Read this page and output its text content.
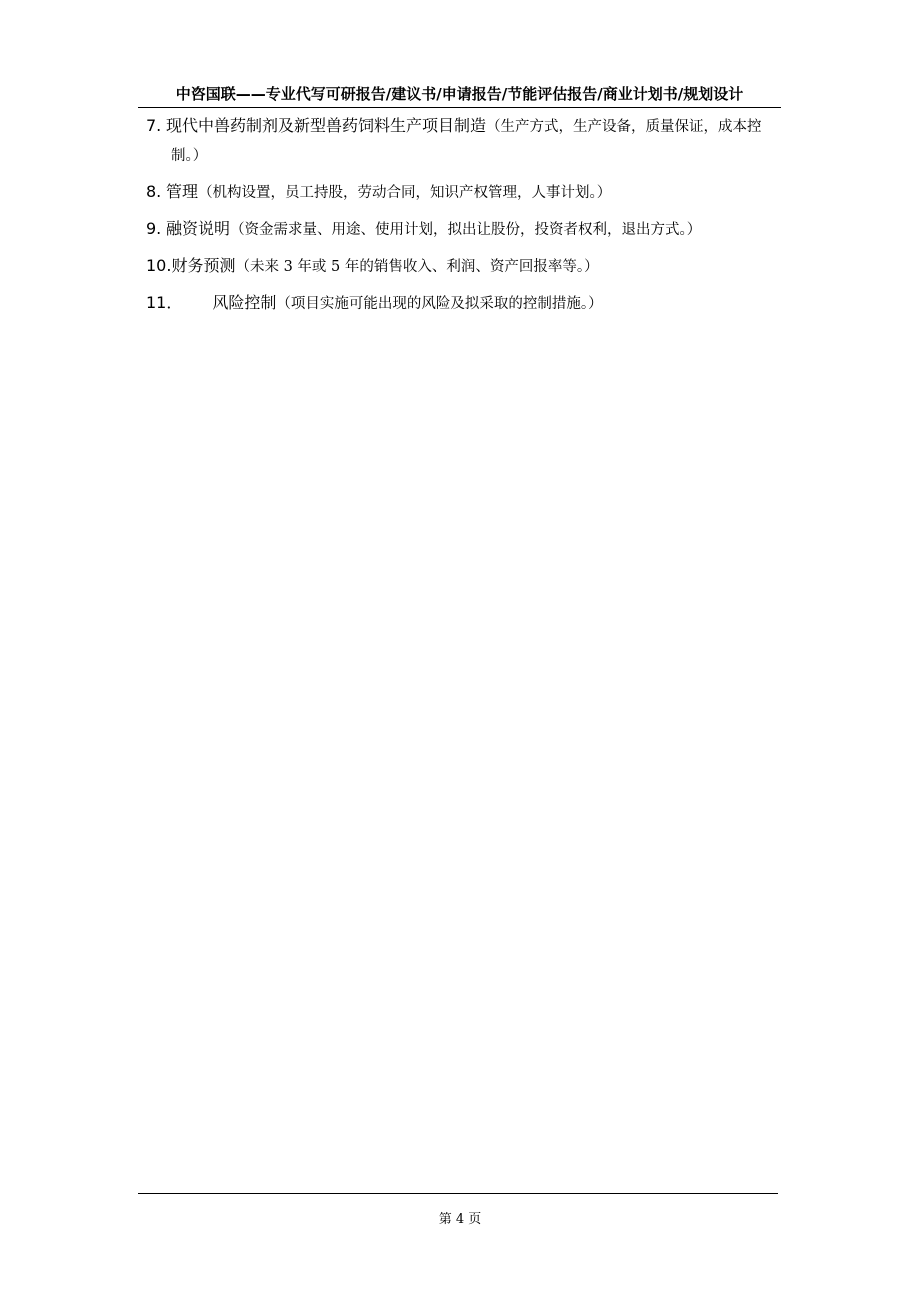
中咨国联——专业代写可研报告/建议书/申请报告/节能评估报告/商业计划书/规划设计
7. 现代中兽药制剂及新型兽药饲料生产项目制造（生产方式，生产设备，质量保证，成本控制。）
8. 管理（机构设置，员工持股，劳动合同，知识产权管理，人事计划。）
9. 融资说明（资金需求量、用途、使用计划，拟出让股份，投资者权利，退出方式。）
10.财务预测（未来 3 年或 5 年的销售收入、利润、资产回报率等。）
11． 风险控制（项目实施可能出现的风险及拟采取的控制措施。）
第 4 页
